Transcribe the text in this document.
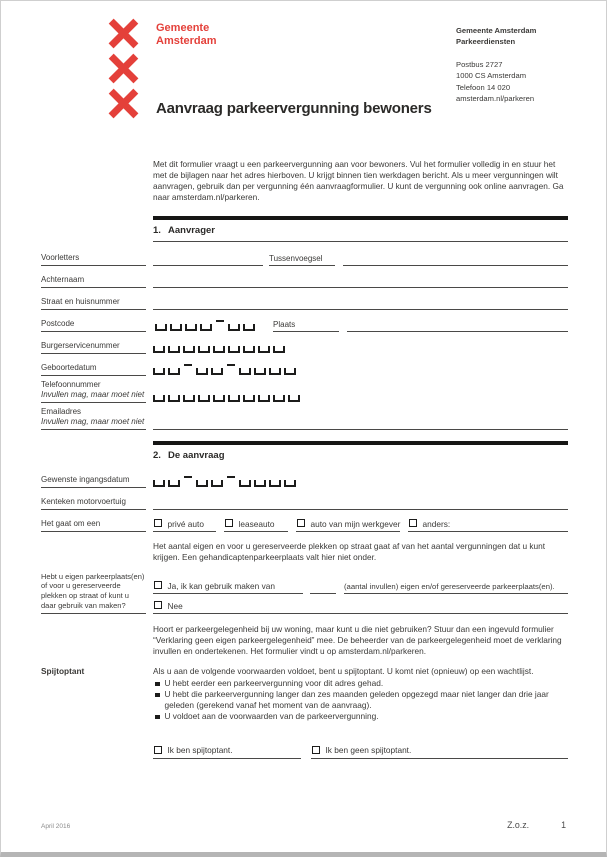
Gemeente
Amsterdam
Aanvraag parkeervergunning bewoners
Gemeente Amsterdam
Parkeerdiensten
Postbus 2727
1000 CS Amsterdam
Telefoon 14 020
amsterdam.nl/parkeren
Met dit formulier vraagt u een parkeervergunning aan voor bewoners. Vul het formulier volledig in en stuur het met de bijlagen naar het adres hierboven. U krijgt binnen tien werkdagen bericht. Als u meer vergunningen wilt aanvragen, gebruik dan per vergunning één aanvraagformulier. U kunt de vergunning ook online aanvragen. Ga naar amsterdam.nl/parkeren.
1. Aanvrager
Voorletters	Tussenvoegsel
Achternaam
Straat en huisnummer
Postcode	Plaats
Burgerservicenummer
Geboortedatum
Telefoonnummer
Invullen mag, maar moet niet
Emailadres
Invullen mag, maar moet niet
2. De aanvraag
Gewenste ingangsdatum
Kenteken motorvoertuig
Het gaat om een	privé auto	leaseauto	auto van mijn werkgever	anders:
Het aantal eigen en voor u gereserveerde plekken op straat gaat af van het aantal vergunningen dat u kunt krijgen. Een gehandicaptenparkeerplaats valt hier niet onder.
Hebt u eigen parkeerplaats(en) of voor u gereserveerde plekken op straat of kunt u daar gebruik van maken?
Ja, ik kan gebruik maken van	(aantal invullen) eigen en/of gereserveerde parkeerplaats(en).
Nee
Hoort er parkeergelegenheid bij uw woning, maar kunt u die niet gebruiken? Stuur dan een ingevuld formulier “Verklaring geen eigen parkeergelegenheid” mee. De beheerder van de parkeergelegenheid moet de verklaring invullen en ondertekenen. Het formulier vindt u op amsterdam.nl/parkeren.
Spijtoptant	Als u aan de volgende voorwaarden voldoet, bent u spijtoptant. U komt niet (opnieuw) op een wachtlijst.
U hebt eerder een parkeervergunning voor dit adres gehad.
U hebt die parkeervergunning langer dan zes maanden geleden opgezegd maar niet langer dan drie jaar geleden (gerekend vanaf het moment van de aanvraag).
U voldoet aan de voorwaarden van de parkeervergunning.
Ik ben spijtoptant.	Ik ben geen spijtoptant.
April 2016	Z.o.z.	1
